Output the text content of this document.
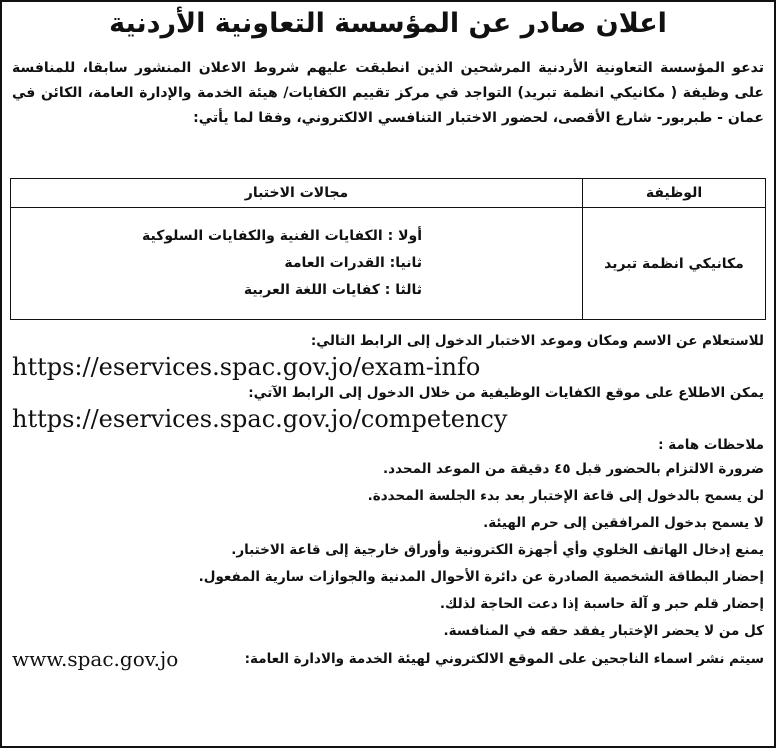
اعلان صادر عن المؤسسة التعاونية الأردنية

تدعو المؤسسة التعاونية الأردنية المرشحين الذين انطبقت عليهم شروط الاعلان المنشور سابقا، للمنافسة على وظيفة ( مكانيكي انظمة تبريد) التواجد في مركز تقييم الكفايات/ هيئة الخدمة والإدارة العامة، الكائن في عمان - طبربور- شارع الأقصى، لحضور الاختبار التنافسي الالكتروني، وفقا لما يأتي:

الوظيفة	مجالات الاختبار
مكانيكي انظمة تبريد	أولا : الكفايات الفنية والكفايات السلوكية
ثانيا: القدرات العامة
ثالثا : كفايات اللغة العربية
للاستعلام عن الاسم ومكان وموعد الاختبار الدخول إلى الرابط التالي:
https://eservices.spac.gov.jo/exam-info
يمكن الاطلاع على موقع الكفايات الوظيفية من خلال الدخول إلى الرابط الآتي:
https://eservices.spac.gov.jo/competency
ملاحظات هامة :
ضرورة الالتزام بالحضور قبل ٤٥ دقيقة من الموعد المحدد.
لن يسمح بالدخول إلى قاعة الإختبار بعد بدء الجلسة المحددة.
لا يسمح بدخول المرافقين إلى حرم الهيئة.
يمنع إدخال الهاتف الخلوي وأي أجهزة الكترونية وأوراق خارجية إلى قاعة الاختبار.
إحضار البطاقة الشخصية الصادرة عن دائرة الأحوال المدنية والجوازات سارية المفعول.
إحضار قلم حبر و آلة حاسبة إذا دعت الحاجة لذلك.
كل من لا يحضر الإختبار يفقد حقه في المنافسة.
سيتم نشر اسماء الناجحين على الموقع الالكتروني لهيئة الخدمة والادارة العامة:
www.spac.gov.jo
